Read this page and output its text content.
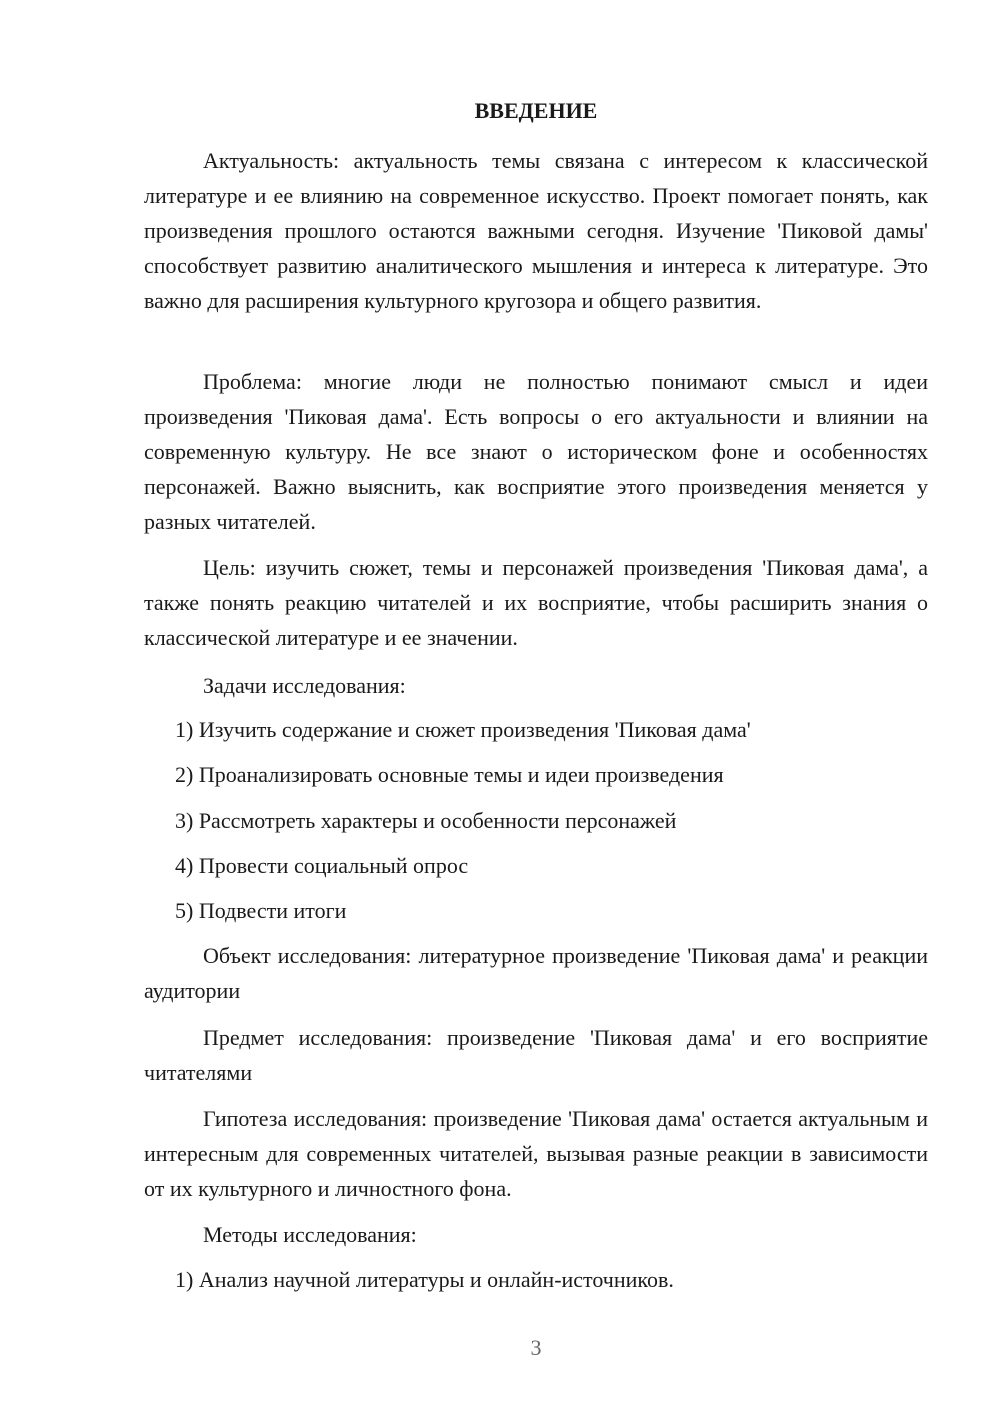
ВВЕДЕНИЕ

Актуальность: актуальность темы связана с интересом к классической литературе и ее влиянию на современное искусство. Проект помогает понять, как произведения прошлого остаются важными сегодня. Изучение 'Пиковой дамы' способствует развитию аналитического мышления и интереса к литературе. Это важно для расширения культурного кругозора и общего развития.

Проблема: многие люди не полностью понимают смысл и идеи произведения 'Пиковая дама'. Есть вопросы о его актуальности и влиянии на современную культуру. Не все знают о историческом фоне и особенностях персонажей. Важно выяснить, как восприятие этого произведения меняется у разных читателей.

Цель: изучить сюжет, темы и персонажей произведения 'Пиковая дама', а также понять реакцию читателей и их восприятие, чтобы расширить знания о классической литературе и ее значении.

Задачи исследования:

1) Изучить содержание и сюжет произведения 'Пиковая дама'

2) Проанализировать основные темы и идеи произведения

3) Рассмотреть характеры и особенности персонажей

4) Провести социальный опрос

5) Подвести итоги

Объект исследования: литературное произведение 'Пиковая дама' и реакции аудитории

Предмет исследования: произведение 'Пиковая дама' и его восприятие читателями

Гипотеза исследования: произведение 'Пиковая дама' остается актуальным и интересным для современных читателей, вызывая разные реакции в зависимости от их культурного и личностного фона.

Методы исследования:

1) Анализ научной литературы и онлайн-источников.

3
